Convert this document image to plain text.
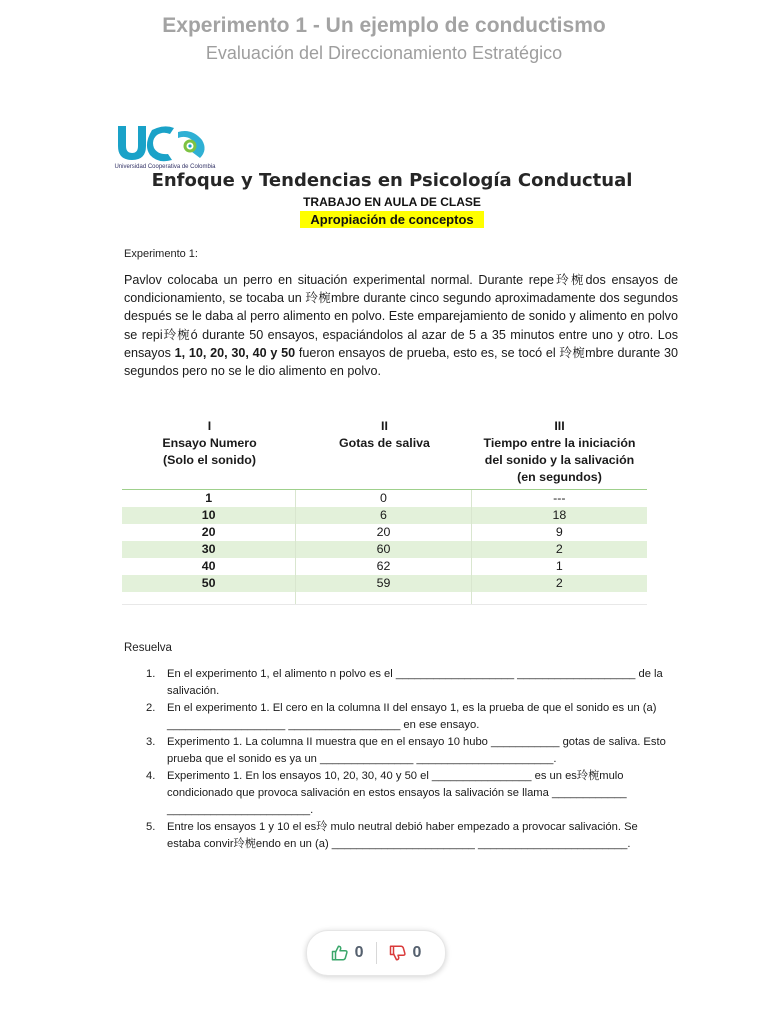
Experimento 1 - Un ejemplo de conductismo
Evaluación del Direccionamiento Estratégico
Universidad Cooperativa de Colombia
Enfoque y Tendencias en Psicología Conductual
TRABAJO EN AULA DE CLASE
Apropiación de conceptos
Experimento 1:
Pavlov colocaba un perro en situación experimental normal. Durante repe玲椀dos ensayos de condicionamiento, se tocaba un 玲椀mbre durante cinco segundo aproximadamente dos segundos después se le daba al perro alimento en polvo. Este emparejamiento de sonido y alimento en polvo se repi玲椀ó durante 50 ensayos, espaciándolos al azar de 5 a 35 minutos entre uno y otro. Los ensayos 1, 10, 20, 30, 40 y 50 fueron ensayos de prueba, esto es, se tocó el 玲椀mbre durante 30 segundos pero no se le dio alimento en polvo.
I
Ensayo Numero
(Solo el sonido)
II
Gotas de saliva
III
Tiempo entre la iniciación
del sonido y la salivación
(en segundos)
1	0	---
10	6	18
20	20	9
30	60	2
40	62	1
50	59	2
Resuelva
1.	En el experimento 1, el alimento n polvo es el ___________________ ___________________ de la salivación.
2.	En el experimento 1. El cero en la columna II del ensayo 1, es la prueba de que el sonido es un (a) ___________________ __________________ en ese ensayo.
3.	Experimento 1. La columna II muestra que en el ensayo 10 hubo ___________ gotas de saliva. Esto prueba que el sonido es ya un _______________ ______________________.
4.	Experimento 1. En los ensayos 10, 20, 30, 40 y 50 el ________________ es un es玲椀mulo condicionado que provoca salivación en estos ensayos la salivación se llama ____________ _______________________.
5.	Entre los ensayos 1 y 10 el es玲 mulo neutral debió haber empezado a provocar salivación. Se estaba convir玲椀endo en un (a) _______________________ ________________________.
0	0
